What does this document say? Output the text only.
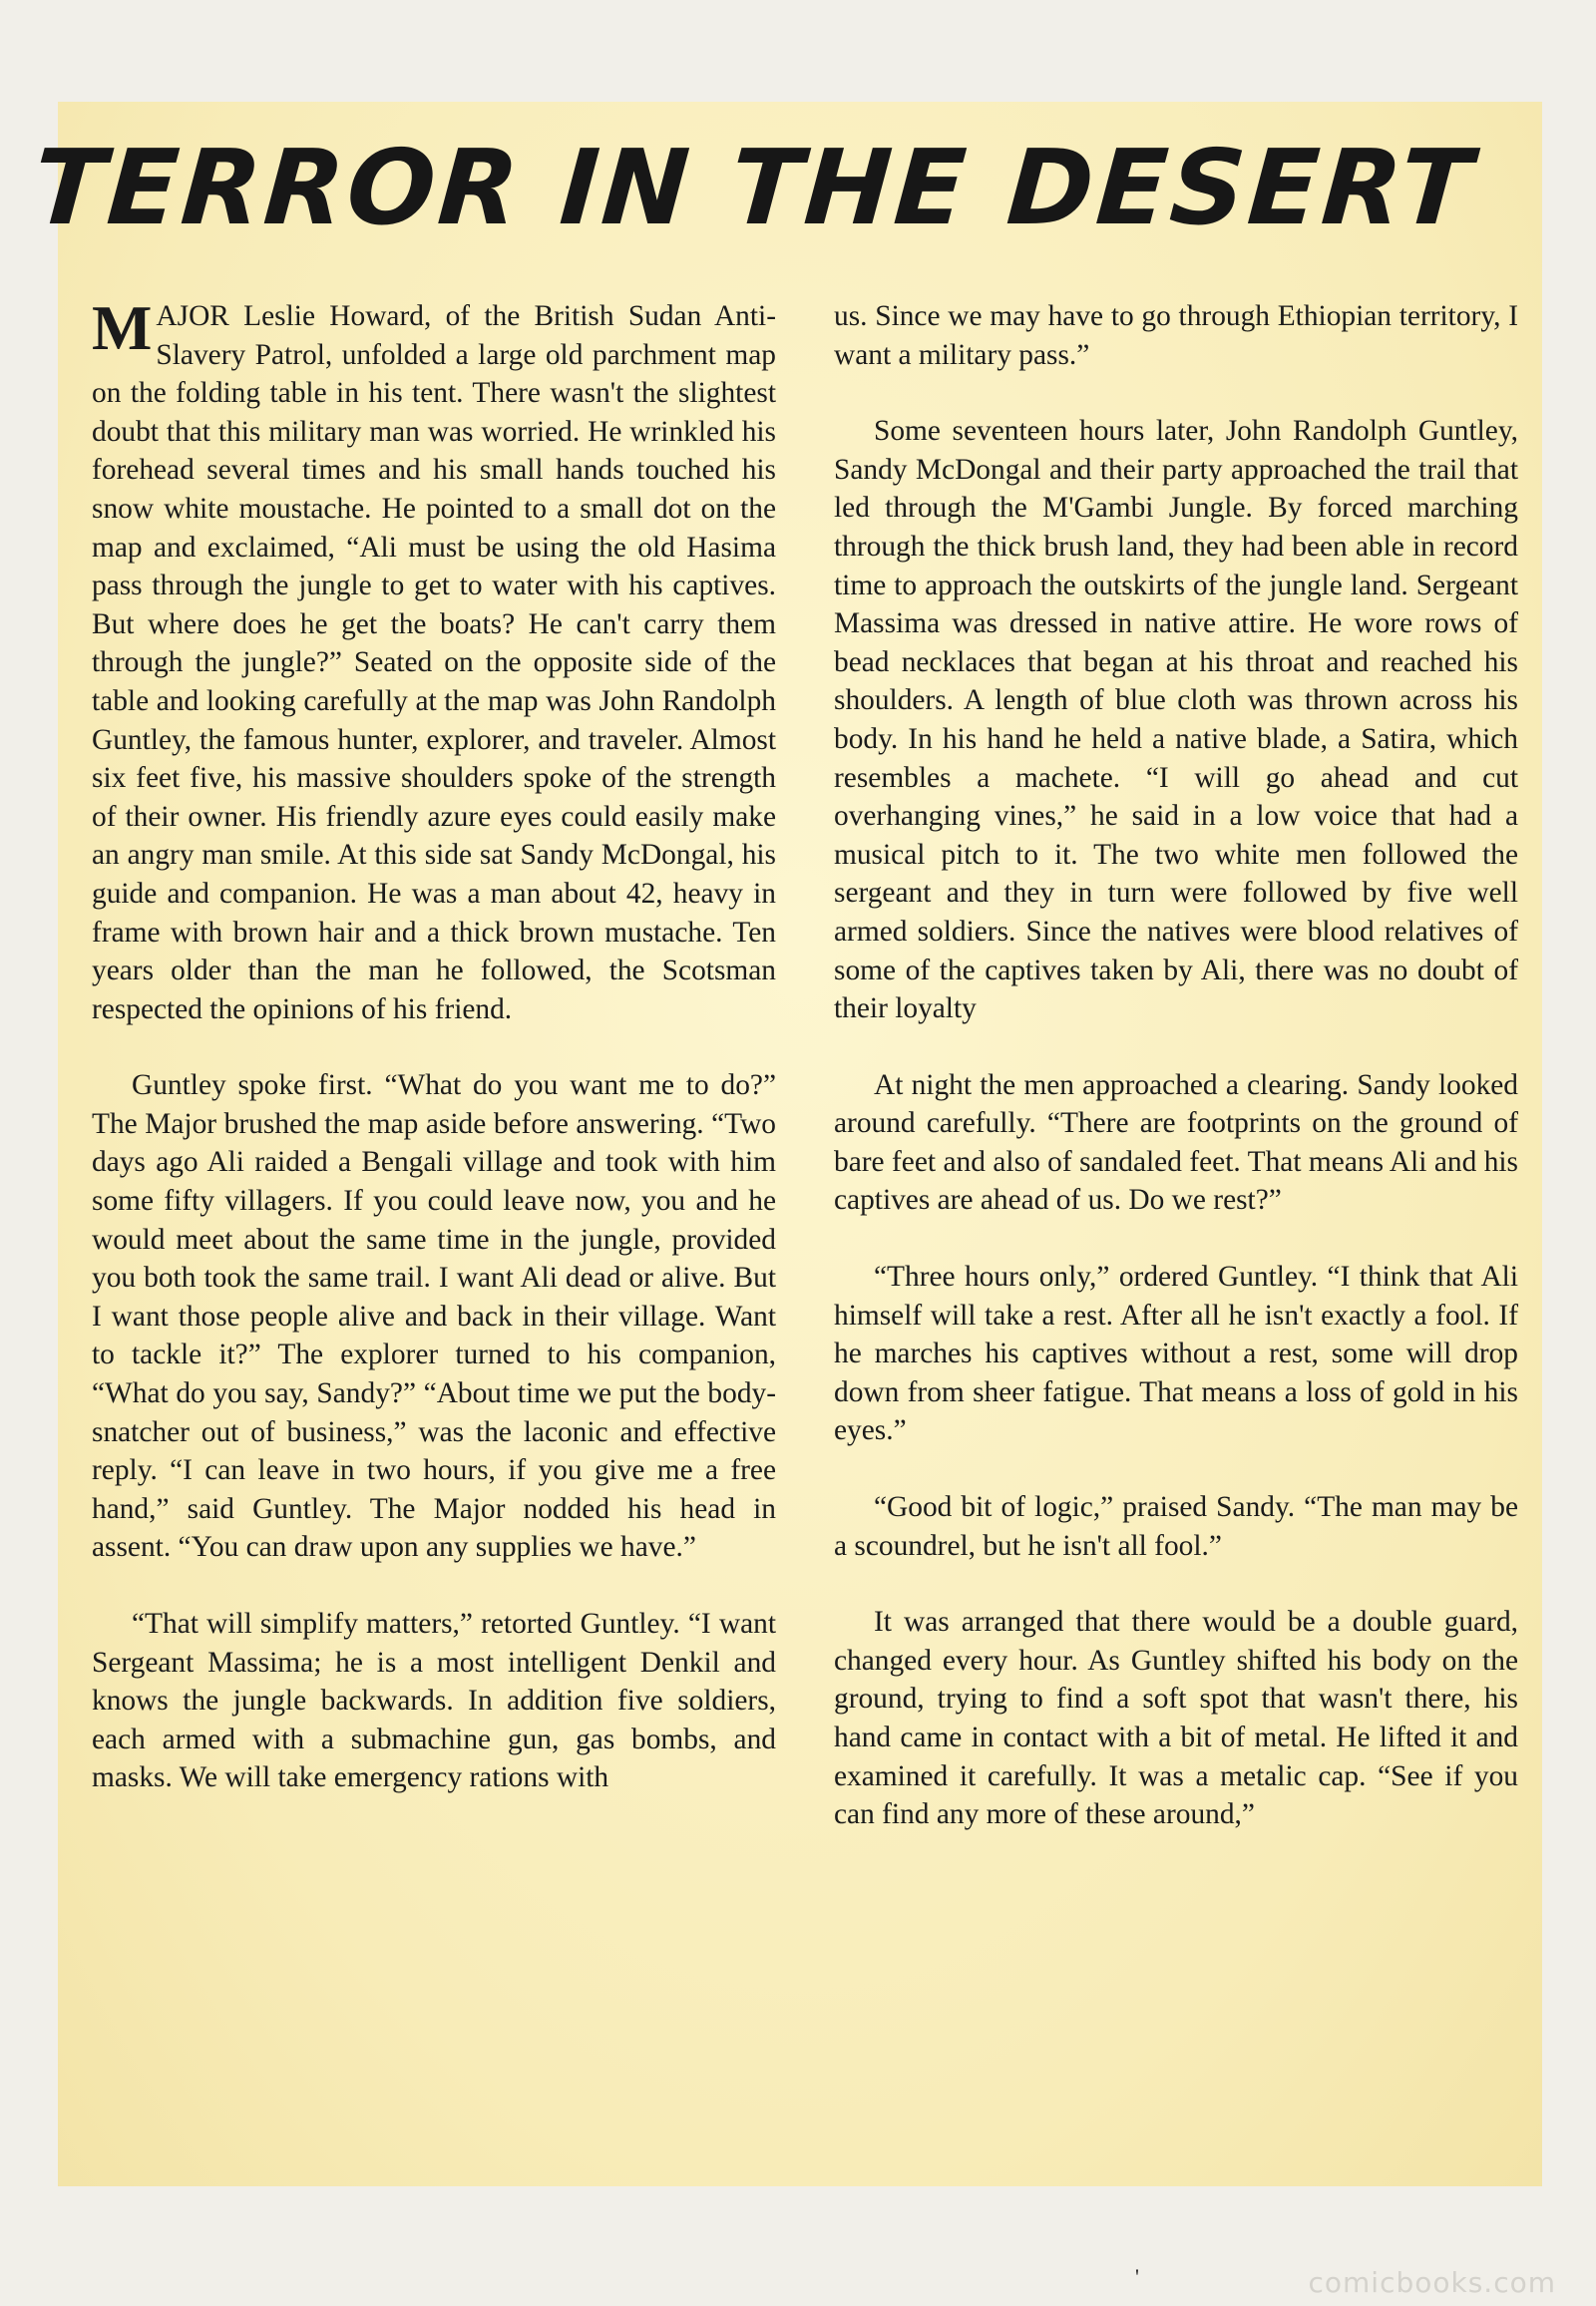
TERROR IN THE DESERT

MAJOR Leslie Howard, of the British Sudan Anti-Slavery Patrol, unfolded a large old parchment map on the folding table in his tent. There wasn't the slightest doubt that this military man was worried. He wrinkled his forehead several times and his small hands touched his snow white moustache. He pointed to a small dot on the map and exclaimed, “Ali must be using the old Hasima pass through the jungle to get to water with his captives. But where does he get the boats? He can't carry them through the jungle?” Seated on the opposite side of the table and looking carefully at the map was John Randolph Guntley, the famous hunter, explorer, and traveler. Almost six feet five, his massive shoulders spoke of the strength of their owner. His friendly azure eyes could easily make an angry man smile. At this side sat Sandy McDongal, his guide and companion. He was a man about 42, heavy in frame with brown hair and a thick brown mustache. Ten years older than the man he followed, the Scotsman respected the opinions of his friend.

Guntley spoke first. “What do you want me to do?” The Major brushed the map aside before answering. “Two days ago Ali raided a Bengali village and took with him some fifty villagers. If you could leave now, you and he would meet about the same time in the jungle, provided you both took the same trail. I want Ali dead or alive. But I want those people alive and back in their village. Want to tackle it?” The explorer turned to his companion, “What do you say, Sandy?” “About time we put the body-snatcher out of business,” was the laconic and effective reply. “I can leave in two hours, if you give me a free hand,” said Guntley. The Major nodded his head in assent. “You can draw upon any supplies we have.”

“That will simplify matters,” retorted Guntley. “I want Sergeant Massima; he is a most intelligent Denkil and knows the jungle backwards. In addition five soldiers, each armed with a submachine gun, gas bombs, and masks. We will take emergency rations with

us. Since we may have to go through Ethiopian territory, I want a military pass.”

Some seventeen hours later, John Randolph Guntley, Sandy McDongal and their party approached the trail that led through the M'Gambi Jungle. By forced marching through the thick brush land, they had been able in record time to approach the outskirts of the jungle land. Sergeant Massima was dressed in native attire. He wore rows of bead necklaces that began at his throat and reached his shoulders. A length of blue cloth was thrown across his body. In his hand he held a native blade, a Satira, which resembles a machete. “I will go ahead and cut overhanging vines,” he said in a low voice that had a musical pitch to it. The two white men followed the sergeant and they in turn were followed by five well armed soldiers. Since the natives were blood relatives of some of the captives taken by Ali, there was no doubt of their loyalty

At night the men approached a clearing. Sandy looked around carefully. “There are footprints on the ground of bare feet and also of sandaled feet. That means Ali and his captives are ahead of us. Do we rest?”

“Three hours only,” ordered Guntley. “I think that Ali himself will take a rest. After all he isn't exactly a fool. If he marches his captives without a rest, some will drop down from sheer fatigue. That means a loss of gold in his eyes.”

“Good bit of logic,” praised Sandy. “The man may be a scoundrel, but he isn't all fool.”

It was arranged that there would be a double guard, changed every hour. As Guntley shifted his body on the ground, trying to find a soft spot that wasn't there, his hand came in contact with a bit of metal. He lifted it and examined it carefully. It was a metalic cap. “See if you can find any more of these around,”

'	comicbooks.com
